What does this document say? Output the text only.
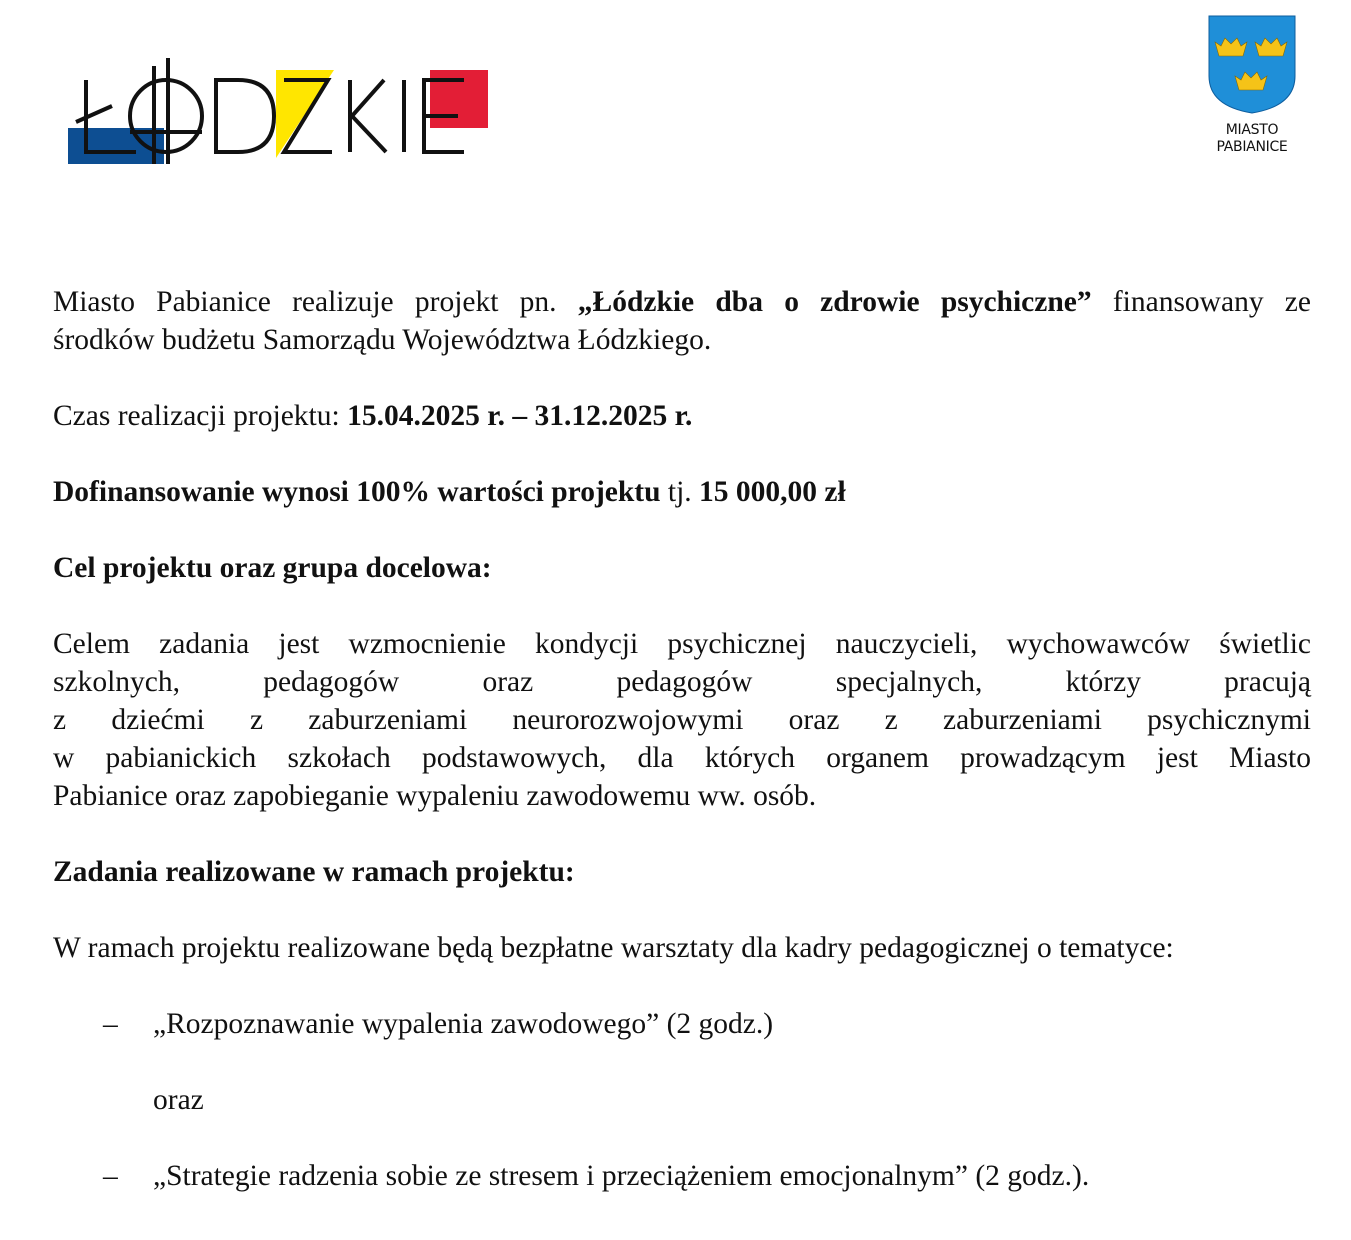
MIASTO
PABIANICE

Miasto Pabianice realizuje projekt pn. „Łódzkie dba o zdrowie psychiczne” finansowany ze
środków budżetu Samorządu Województwa Łódzkiego.

Czas realizacji projektu: 15.04.2025 r. – 31.12.2025 r.

Dofinansowanie wynosi 100% wartości projektu tj. 15 000,00 zł

Cel projektu oraz grupa docelowa:

Celem zadania jest wzmocnienie kondycji psychicznej nauczycieli, wychowawców świetlic
szkolnych, pedagogów oraz pedagogów specjalnych, którzy pracują
z dziećmi z zaburzeniami neurorozwojowymi oraz z zaburzeniami psychicznymi
w pabianickich szkołach podstawowych, dla których organem prowadzącym jest Miasto
Pabianice oraz zapobieganie wypaleniu zawodowemu ww. osób.

Zadania realizowane w ramach projektu:

W ramach projektu realizowane będą bezpłatne warsztaty dla kadry pedagogicznej o tematyce:

– „Rozpoznawanie wypalenia zawodowego” (2 godz.)

oraz

– „Strategie radzenia sobie ze stresem i przeciążeniem emocjonalnym” (2 godz.).
